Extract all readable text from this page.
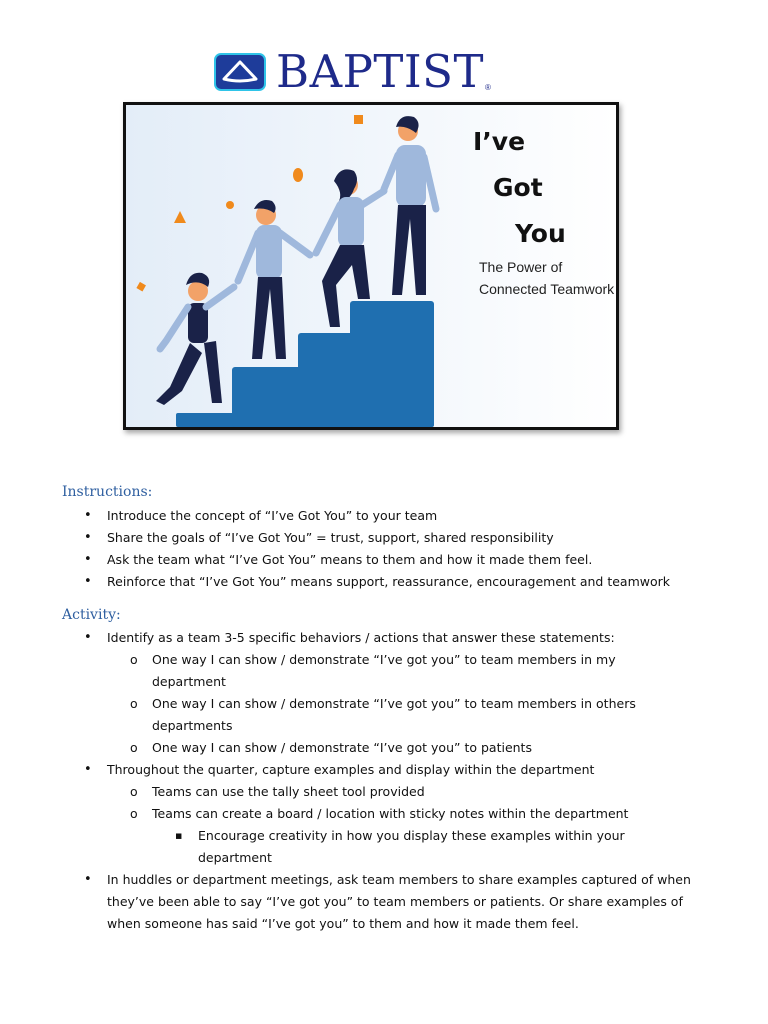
BAPTIST ®
I’ve
Got
You
The Power of
Connected Teamwork
Instructions:
• Introduce the concept of “I’ve Got You” to your team
• Share the goals of “I’ve Got You” = trust, support, shared responsibility
• Ask the team what “I’ve Got You” means to them and how it made them feel.
• Reinforce that “I’ve Got You” means support, reassurance, encouragement and teamwork
Activity:
• Identify as a team 3-5 specific behaviors / actions that answer these statements:
o One way I can show / demonstrate “I’ve got you” to team members in my department
o One way I can show / demonstrate “I’ve got you” to team members in others departments
o One way I can show / demonstrate “I’ve got you” to patients
• Throughout the quarter, capture examples and display within the department
o Teams can use the tally sheet tool provided
o Teams can create a board / location with sticky notes within the department
▪ Encourage creativity in how you display these examples within your department
• In huddles or department meetings, ask team members to share examples captured of when they’ve been able to say “I’ve got you” to team members or patients. Or share examples of when someone has said “I’ve got you” to them and how it made them feel.
